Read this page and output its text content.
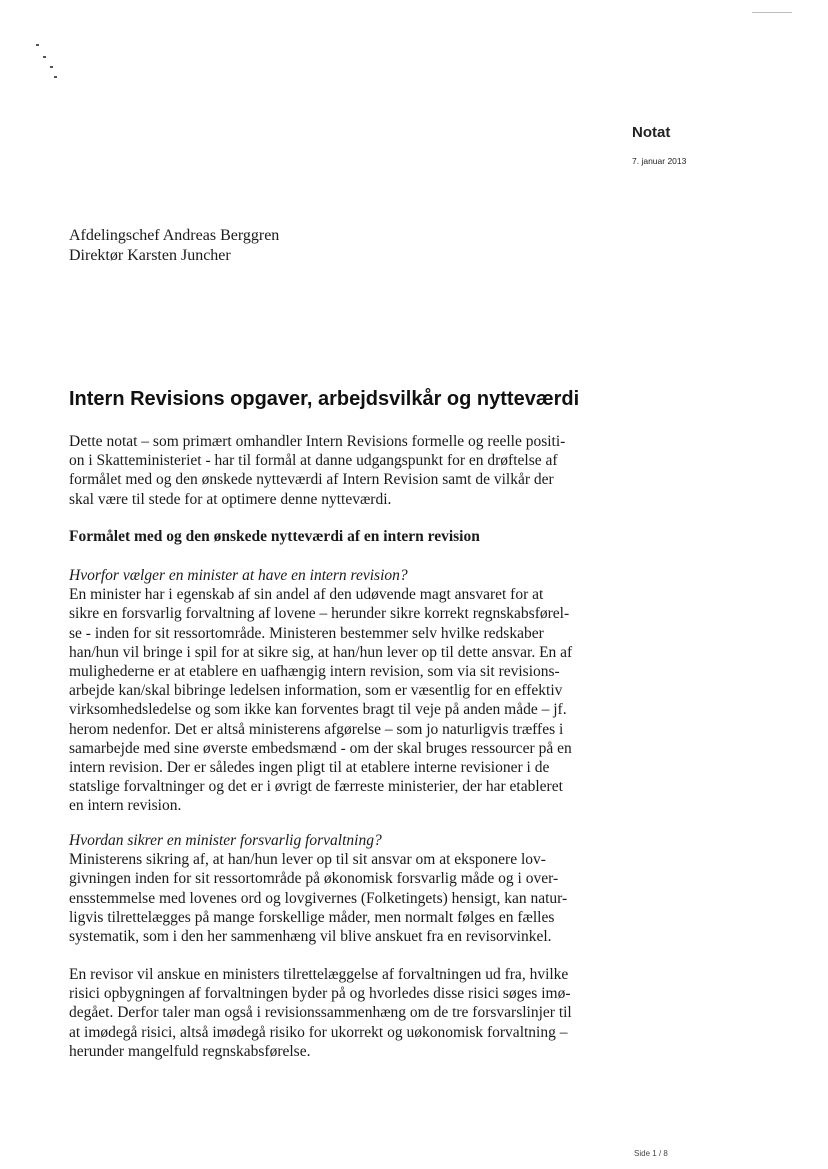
Notat
7. januar 2013
Afdelingschef Andreas Berggren
Direktør Karsten Juncher
Intern Revisions opgaver, arbejdsvilkår og nytteværdi
Dette notat – som primært omhandler Intern Revisions formelle og reelle positi-
on i Skatteministeriet - har til formål at danne udgangspunkt for en drøftelse af
formålet med og den ønskede nytteværdi af Intern Revision samt de vilkår der
skal være til stede for at optimere denne nytteværdi.
Formålet med og den ønskede nytteværdi af en intern revision
Hvorfor vælger en minister at have en intern revision?
En minister har i egenskab af sin andel af den udøvende magt ansvaret for at
sikre en forsvarlig forvaltning af lovene – herunder sikre korrekt regnskabsførel-
se - inden for sit ressortområde. Ministeren bestemmer selv hvilke redskaber
han/hun vil bringe i spil for at sikre sig, at han/hun lever op til dette ansvar. En af
mulighederne er at etablere en uafhængig intern revision, som via sit revisions-
arbejde kan/skal bibringe ledelsen information, som er væsentlig for en effektiv
virksomhedsledelse og som ikke kan forventes bragt til veje på anden måde – jf.
herom nedenfor. Det er altså ministerens afgørelse – som jo naturligvis træffes i
samarbejde med sine øverste embedsmænd - om der skal bruges ressourcer på en
intern revision. Der er således ingen pligt til at etablere interne revisioner i de
statslige forvaltninger og det er i øvrigt de færreste ministerier, der har etableret
en intern revision.
Hvordan sikrer en minister forsvarlig forvaltning?
Ministerens sikring af, at han/hun lever op til sit ansvar om at eksponere lov-
givningen inden for sit ressortområde på økonomisk forsvarlig måde og i over-
ensstemmelse med lovenes ord og lovgivernes (Folketingets) hensigt, kan natur-
ligvis tilrettelægges på mange forskellige måder, men normalt følges en fælles
systematik, som i den her sammenhæng vil blive anskuet fra en revisorvinkel.
En revisor vil anskue en ministers tilrettelæggelse af forvaltningen ud fra, hvilke
risici opbygningen af forvaltningen byder på og hvorledes disse risici søges imø-
degået. Derfor taler man også i revisionssammenhæng om de tre forsvarslinjer til
at imødegå risici, altså imødegå risiko for ukorrekt og uøkonomisk forvaltning –
herunder mangelfuld regnskabsførelse.
Side 1 / 8
